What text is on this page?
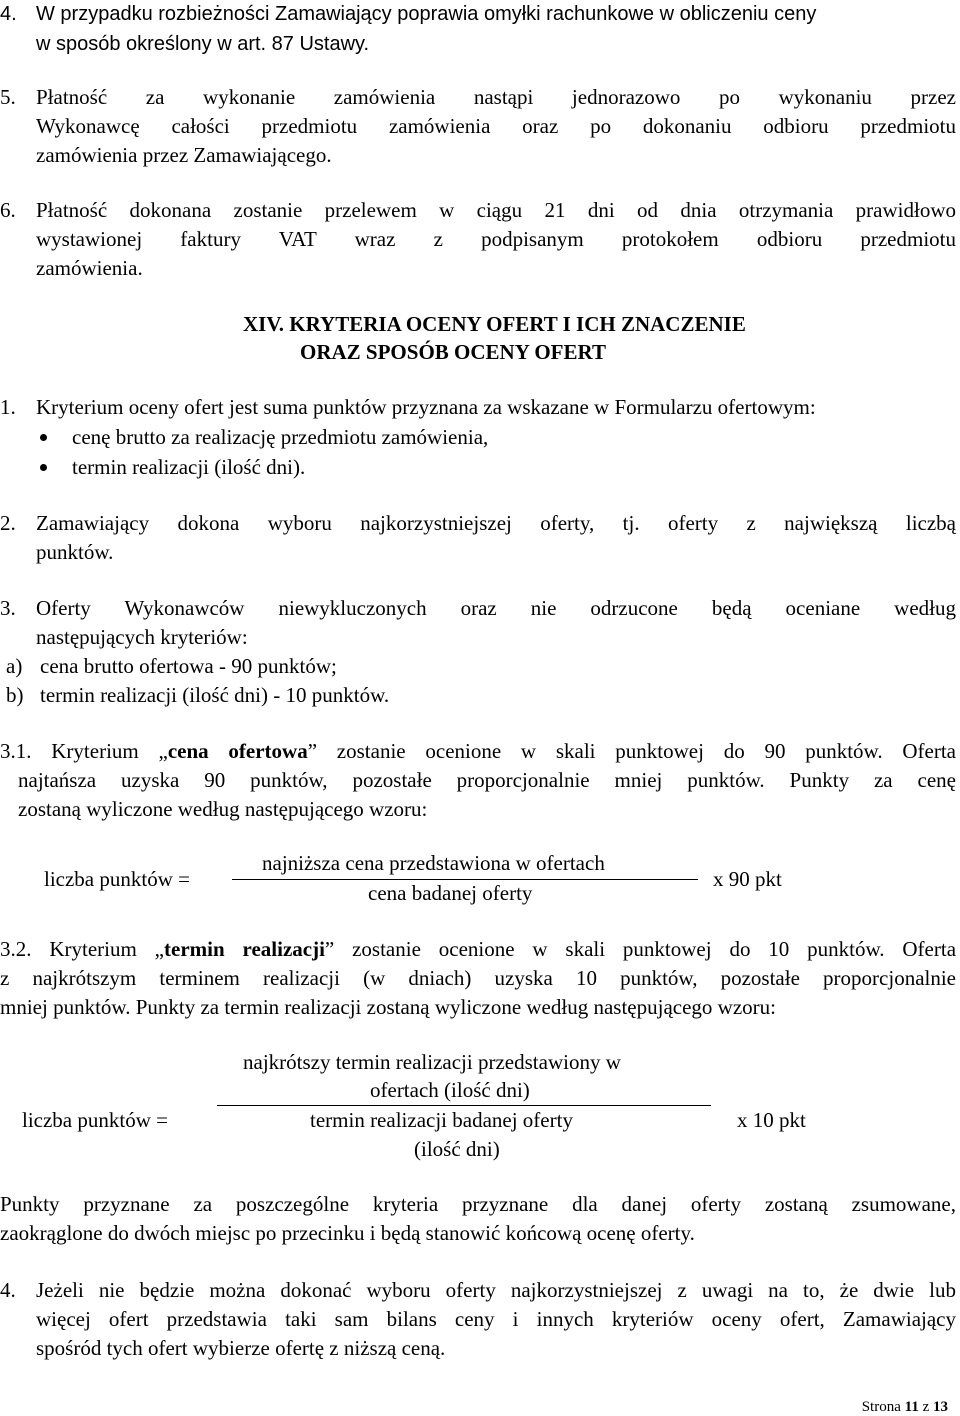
4. W przypadku rozbieżności Zamawiający poprawia omyłki rachunkowe w obliczeniu ceny
w sposób określony w art. 87 Ustawy.
5. Płatność za wykonanie zamówienia nastąpi jednorazowo po wykonaniu przez
Wykonawcę całości przedmiotu zamówienia oraz po dokonaniu odbioru przedmiotu
zamówienia przez Zamawiającego.
6. Płatność dokonana zostanie przelewem w ciągu 21 dni od dnia otrzymania prawidłowo
wystawionej faktury VAT wraz z podpisanym protokołem odbioru przedmiotu
zamówienia.
XIV. KRYTERIA OCENY OFERT I ICH ZNACZENIE
ORAZ SPOSÓB OCENY OFERT
1. Kryterium oceny ofert jest suma punktów przyznana za wskazane w Formularzu ofertowym:
cenę brutto za realizację przedmiotu zamówienia,
termin realizacji (ilość dni).
2. Zamawiający dokona wyboru najkorzystniejszej oferty, tj. oferty z największą liczbą
punktów.
3. Oferty Wykonawców niewykluczonych oraz nie odrzucone będą oceniane według
następujących kryteriów:
a) cena brutto ofertowa - 90 punktów;
b) termin realizacji (ilość dni) - 10 punktów.
3.1. Kryterium „cena ofertowa” zostanie ocenione w skali punktowej do 90 punktów. Oferta
najtańsza uzyska 90 punktów, pozostałe proporcjonalnie mniej punktów. Punkty za cenę
zostaną wyliczone według następującego wzoru:
liczba punktów =
najniższa cena przedstawiona w ofertach
cena badanej oferty
x 90 pkt
3.2. Kryterium „termin realizacji” zostanie ocenione w skali punktowej do 10 punktów. Oferta
z najkrótszym terminem realizacji (w dniach) uzyska 10 punktów, pozostałe proporcjonalnie
mniej punktów. Punkty za termin realizacji zostaną wyliczone według następującego wzoru:
najkrótszy termin realizacji przedstawiony w
ofertach (ilość dni)
liczba punktów =	termin realizacji badanej oferty
(ilość dni)
x 10 pkt
Punkty przyznane za poszczególne kryteria przyznane dla danej oferty zostaną zsumowane,
zaokrąglone do dwóch miejsc po przecinku i będą stanowić końcową ocenę oferty.
4. Jeżeli nie będzie można dokonać wyboru oferty najkorzystniejszej z uwagi na to, że dwie lub
więcej ofert przedstawia taki sam bilans ceny i innych kryteriów oceny ofert, Zamawiający
spośród tych ofert wybierze ofertę z niższą ceną.
Strona 11 z 13
